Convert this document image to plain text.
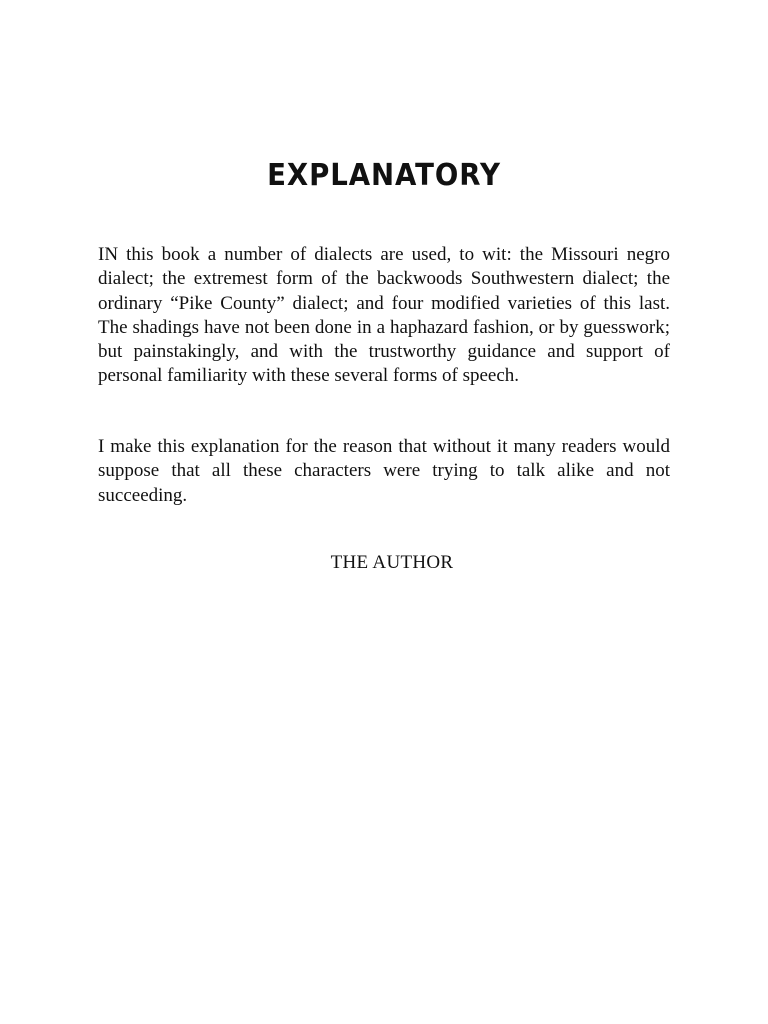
EXPLANATORY

IN this book a number of dialects are used, to wit: the Missouri negro dialect; the extremest form of the backwoods Southwestern dialect; the ordinary “Pike County” dialect; and four modified varieties of this last. The shadings have not been done in a haphazard fashion, or by guesswork; but painstakingly, and with the trustworthy guidance and support of personal familiarity with these several forms of speech.

I make this explanation for the reason that without it many readers would suppose that all these characters were trying to talk alike and not succeeding.

THE AUTHOR
